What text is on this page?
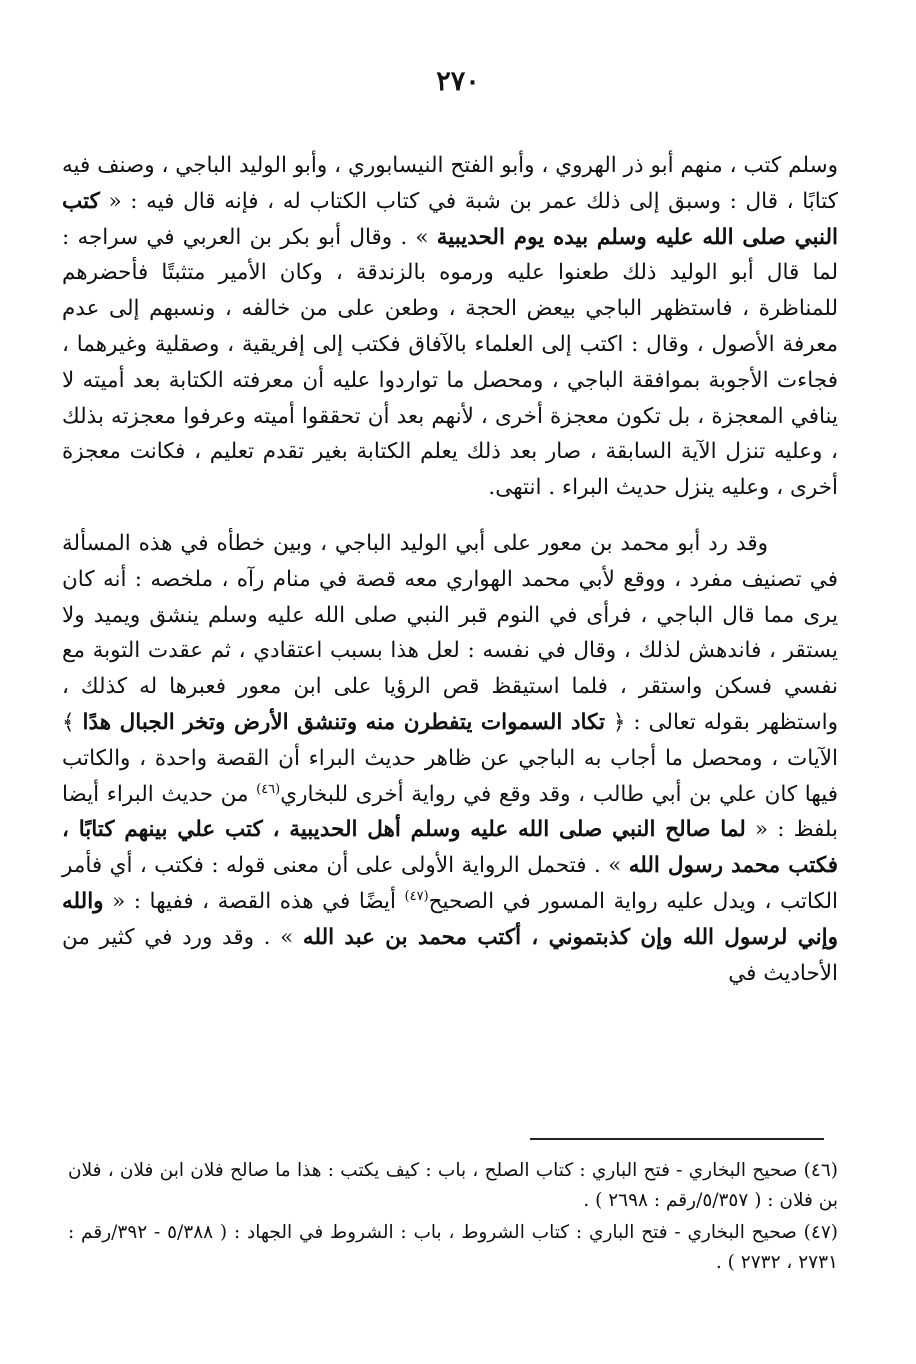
٢٧٠

وسلم كتب ، منهم أبو ذر الهروي ، وأبو الفتح النيسابوري ، وأبو الوليد الباجي ، وصنف فيه كتابًا ، قال : وسبق إلى ذلك عمر بن شبة في كتاب الكتاب له ، فإنه قال فيه : « كتب النبي صلى الله عليه وسلم بيده يوم الحديبية » . وقال أبو بكر بن العربي في سراجه : لما قال أبو الوليد ذلك طعنوا عليه ورموه بالزندقة ، وكان الأمير متثبتًا فأحضرهم للمناظرة ، فاستظهر الباجي بيعض الحجة ، وطعن على من خالفه ، ونسبهم إلى عدم معرفة الأصول ، وقال : اكتب إلى العلماء بالآفاق فكتب إلى إفريقية ، وصقلية وغيرهما ، فجاءت الأجوبة بموافقة الباجي ، ومحصل ما تواردوا عليه أن معرفته الكتابة بعد أميته لا ينافي المعجزة ، بل تكون معجزة أخرى ، لأنهم بعد أن تحققوا أميته وعرفوا معجزته بذلك ، وعليه تنزل الآية السابقة ، صار بعد ذلك يعلم الكتابة بغير تقدم تعليم ، فكانت معجزة أخرى ، وعليه ينزل حديث البراء . انتهى.

وقد رد أبو محمد بن معور على أبي الوليد الباجي ، وبين خطأه في هذه المسألة في تصنيف مفرد ، ووقع لأبي محمد الهواري معه قصة في منام رآه ، ملخصه : أنه كان يرى مما قال الباجي ، فرأى في النوم قبر النبي صلى الله عليه وسلم ينشق ويميد ولا يستقر ، فاندهش لذلك ، وقال في نفسه : لعل هذا بسبب اعتقادي ، ثم عقدت التوبة مع نفسي فسكن واستقر ، فلما استيقظ قص الرؤيا على ابن معور فعبرها له كذلك ، واستظهر بقوله تعالى : ﴿ تكاد السموات يتفطرن منه وتنشق الأرض وتخر الجبال هدًا ﴾ الآيات ، ومحصل ما أجاب به الباجي عن ظاهر حديث البراء أن القصة واحدة ، والكاتب فيها كان علي بن أبي طالب ، وقد وقع في رواية أخرى للبخاري$^{(٤٦)}$ من حديث البراء أيضا بلفظ : « لما صالح النبي صلى الله عليه وسلم أهل الحديبية ، كتب علي بينهم كتابًا ، فكتب محمد رسول الله » . فتحمل الرواية الأولى على أن معنى قوله : فكتب ، أي فأمر الكاتب ، ويدل عليه رواية المسور في الصحيح$^{(٤٧)}$ أيضًا في هذه القصة ، ففيها : « والله وإني لرسول الله وإن كذبتموني ، أكتب محمد بن عبد الله » . وقد ورد في كثير من الأحاديث في

(٤٦) صحيح البخاري - فتح الباري : كتاب الصلح ، باب : كيف يكتب : هذا ما صالح فلان ابن فلان ، فلان بن فلان : ( ٥/٣٥٧/رقم : ٢٦٩٨ ) .

(٤٧) صحيح البخاري - فتح الباري : كتاب الشروط ، باب : الشروط في الجهاد : ( ٥/٣٨٨ - ٣٩٢/رقم : ٢٧٣١ ، ٢٧٣٢ ) .
